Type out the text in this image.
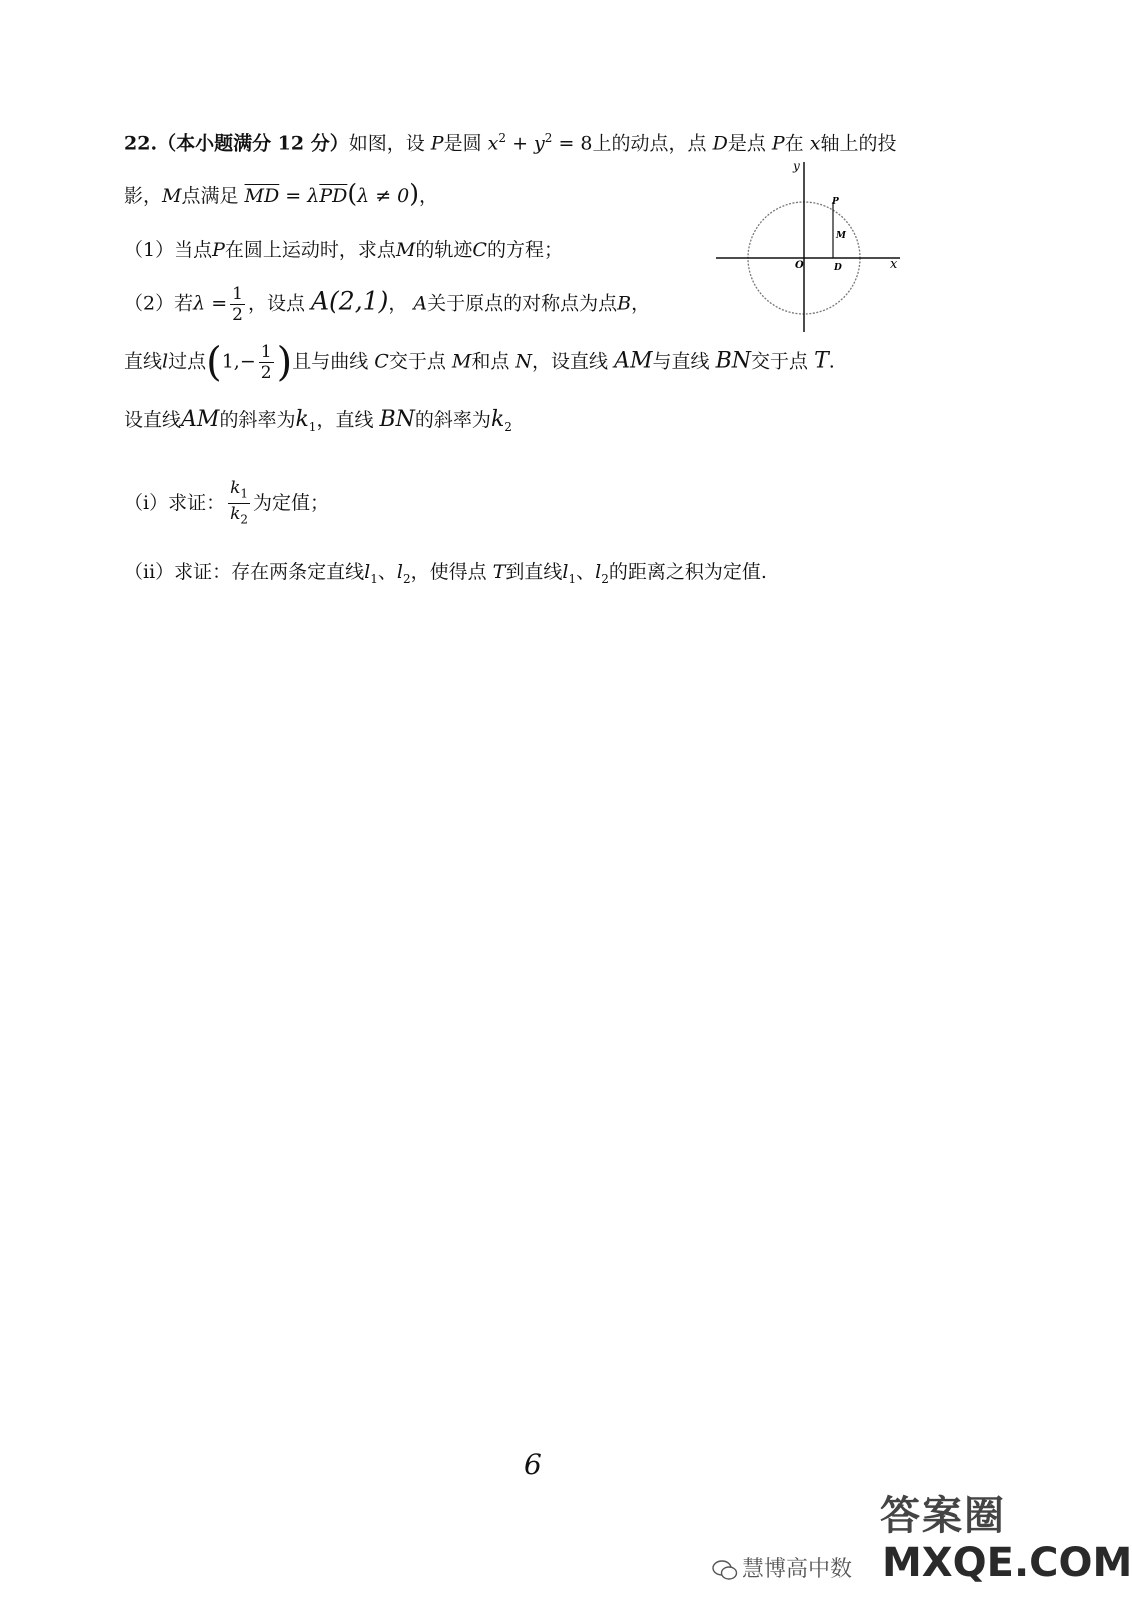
22.（本小题满分 12 分）如图，设 P是圆 $x^2 + y^2 = 8$上的动点，点 D是点 P在 x轴上的投
影，M点满足 $\overline{MD} = \lambda\overline{PD}(\lambda \ne 0)$，
（1）当点P在圆上运动时，求点M的轨迹C的方程；
（2）若$\lambda = \frac{1}{2}$ ，设点 A(2,1)， A关于原点的对称点为点B，
直线l过点($1,- \frac{1}{2}$ )且与曲线 C交于点 M和点 N，设直线 AM与直线 BN交于点 T.
设直线AM的斜率为$k_1$，直线 BN的斜率为$k_2$
（i）求证： $\frac{k_1}{k_2}$ 为定值；
（ii）求证：存在两条定直线$l_1$、$l_2$，使得点 T到直线$l_1$、$l_2$的距离之积为定值.
y
P
M
O	D	x
6
慧博高中数
答案圈
MXQE.COM
